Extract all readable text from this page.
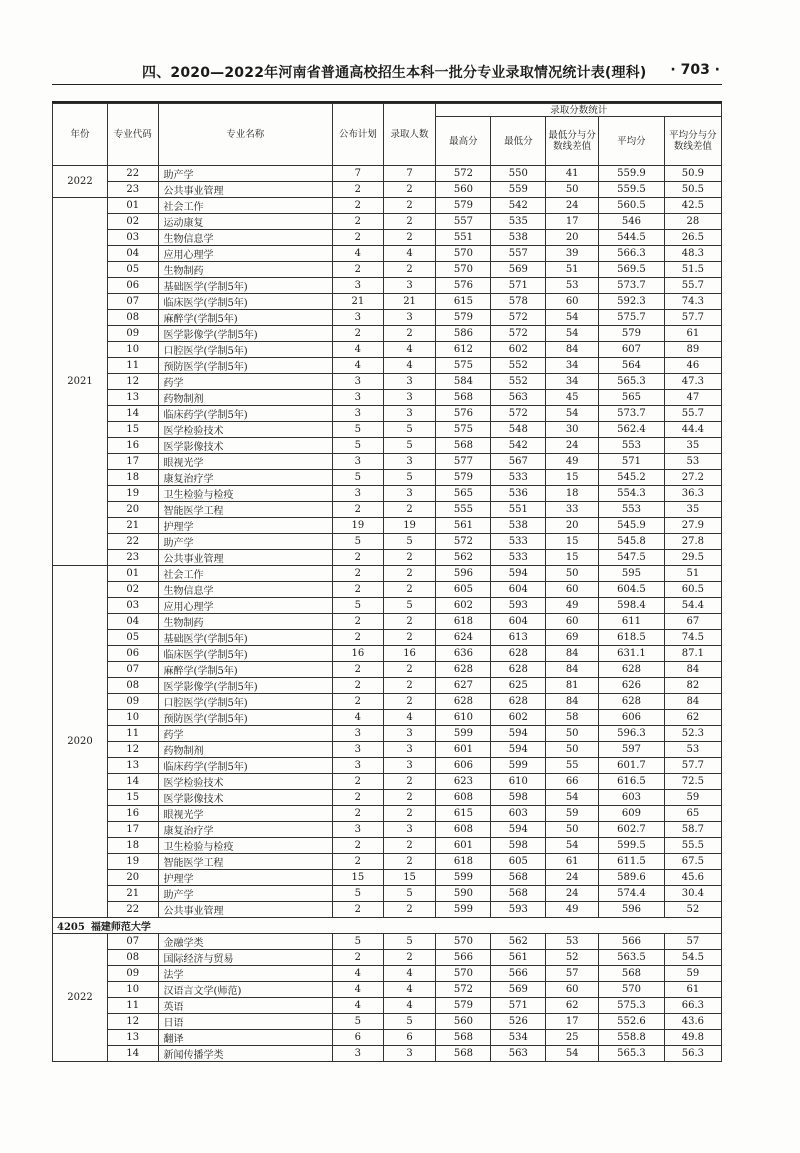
四、2020—2022年河南省普通高校招生本科一批分专业录取情况统计表(理科) · 703 ·
年份	专业代码	专业名称	公布计划	录取人数	录取分数统计				
					最高分	最低分	最低分与分数线差值	平均分	平均分与分数线差值
2022	22	助产学	7	7	572	550	41	559.9	50.9
	23	公共事业管理	2	2	560	559	50	559.5	50.5
2021	01	社会工作	2	2	579	542	24	560.5	42.5
	02	运动康复	2	2	557	535	17	546	28
	03	生物信息学	2	2	551	538	20	544.5	26.5
	04	应用心理学	4	4	570	557	39	566.3	48.3
	05	生物制药	2	2	570	569	51	569.5	51.5
	06	基础医学(学制5年)	3	3	576	571	53	573.7	55.7
	07	临床医学(学制5年)	21	21	615	578	60	592.3	74.3
	08	麻醉学(学制5年)	3	3	579	572	54	575.7	57.7
	09	医学影像学(学制5年)	2	2	586	572	54	579	61
	10	口腔医学(学制5年)	4	4	612	602	84	607	89
	11	预防医学(学制5年)	4	4	575	552	34	564	46
	12	药学	3	3	584	552	34	565.3	47.3
	13	药物制剂	3	3	568	563	45	565	47
	14	临床药学(学制5年)	3	3	576	572	54	573.7	55.7
	15	医学检验技术	5	5	575	548	30	562.4	44.4
	16	医学影像技术	5	5	568	542	24	553	35
	17	眼视光学	3	3	577	567	49	571	53
	18	康复治疗学	5	5	579	533	15	545.2	27.2
	19	卫生检验与检疫	3	3	565	536	18	554.3	36.3
	20	智能医学工程	2	2	555	551	33	553	35
	21	护理学	19	19	561	538	20	545.9	27.9
	22	助产学	5	5	572	533	15	545.8	27.8
	23	公共事业管理	2	2	562	533	15	547.5	29.5
2020	01	社会工作	2	2	596	594	50	595	51
	02	生物信息学	2	2	605	604	60	604.5	60.5
	03	应用心理学	5	5	602	593	49	598.4	54.4
	04	生物制药	2	2	618	604	60	611	67
	05	基础医学(学制5年)	2	2	624	613	69	618.5	74.5
	06	临床医学(学制5年)	16	16	636	628	84	631.1	87.1
	07	麻醉学(学制5年)	2	2	628	628	84	628	84
	08	医学影像学(学制5年)	2	2	627	625	81	626	82
	09	口腔医学(学制5年)	2	2	628	628	84	628	84
	10	预防医学(学制5年)	4	4	610	602	58	606	62
	11	药学	3	3	599	594	50	596.3	52.3
	12	药物制剂	3	3	601	594	50	597	53
	13	临床药学(学制5年)	3	3	606	599	55	601.7	57.7
	14	医学检验技术	2	2	623	610	66	616.5	72.5
	15	医学影像技术	2	2	608	598	54	603	59
	16	眼视光学	2	2	615	603	59	609	65
	17	康复治疗学	3	3	608	594	50	602.7	58.7
	18	卫生检验与检疫	2	2	601	598	54	599.5	55.5
	19	智能医学工程	2	2	618	605	61	611.5	67.5
	20	护理学	15	15	599	568	24	589.6	45.6
	21	助产学	5	5	590	568	24	574.4	30.4
	22	公共事业管理	2	2	599	593	49	596	52
4205 福建师范大学									
2022	07	金融学类	5	5	570	562	53	566	57
	08	国际经济与贸易	2	2	566	561	52	563.5	54.5
	09	法学	4	4	570	566	57	568	59
	10	汉语言文学(师范)	4	4	572	569	60	570	61
	11	英语	4	4	579	571	62	575.3	66.3
	12	日语	5	5	560	526	17	552.6	43.6
	13	翻译	6	6	568	534	25	558.8	49.8
	14	新闻传播学类	3	3	568	563	54	565.3	56.3
